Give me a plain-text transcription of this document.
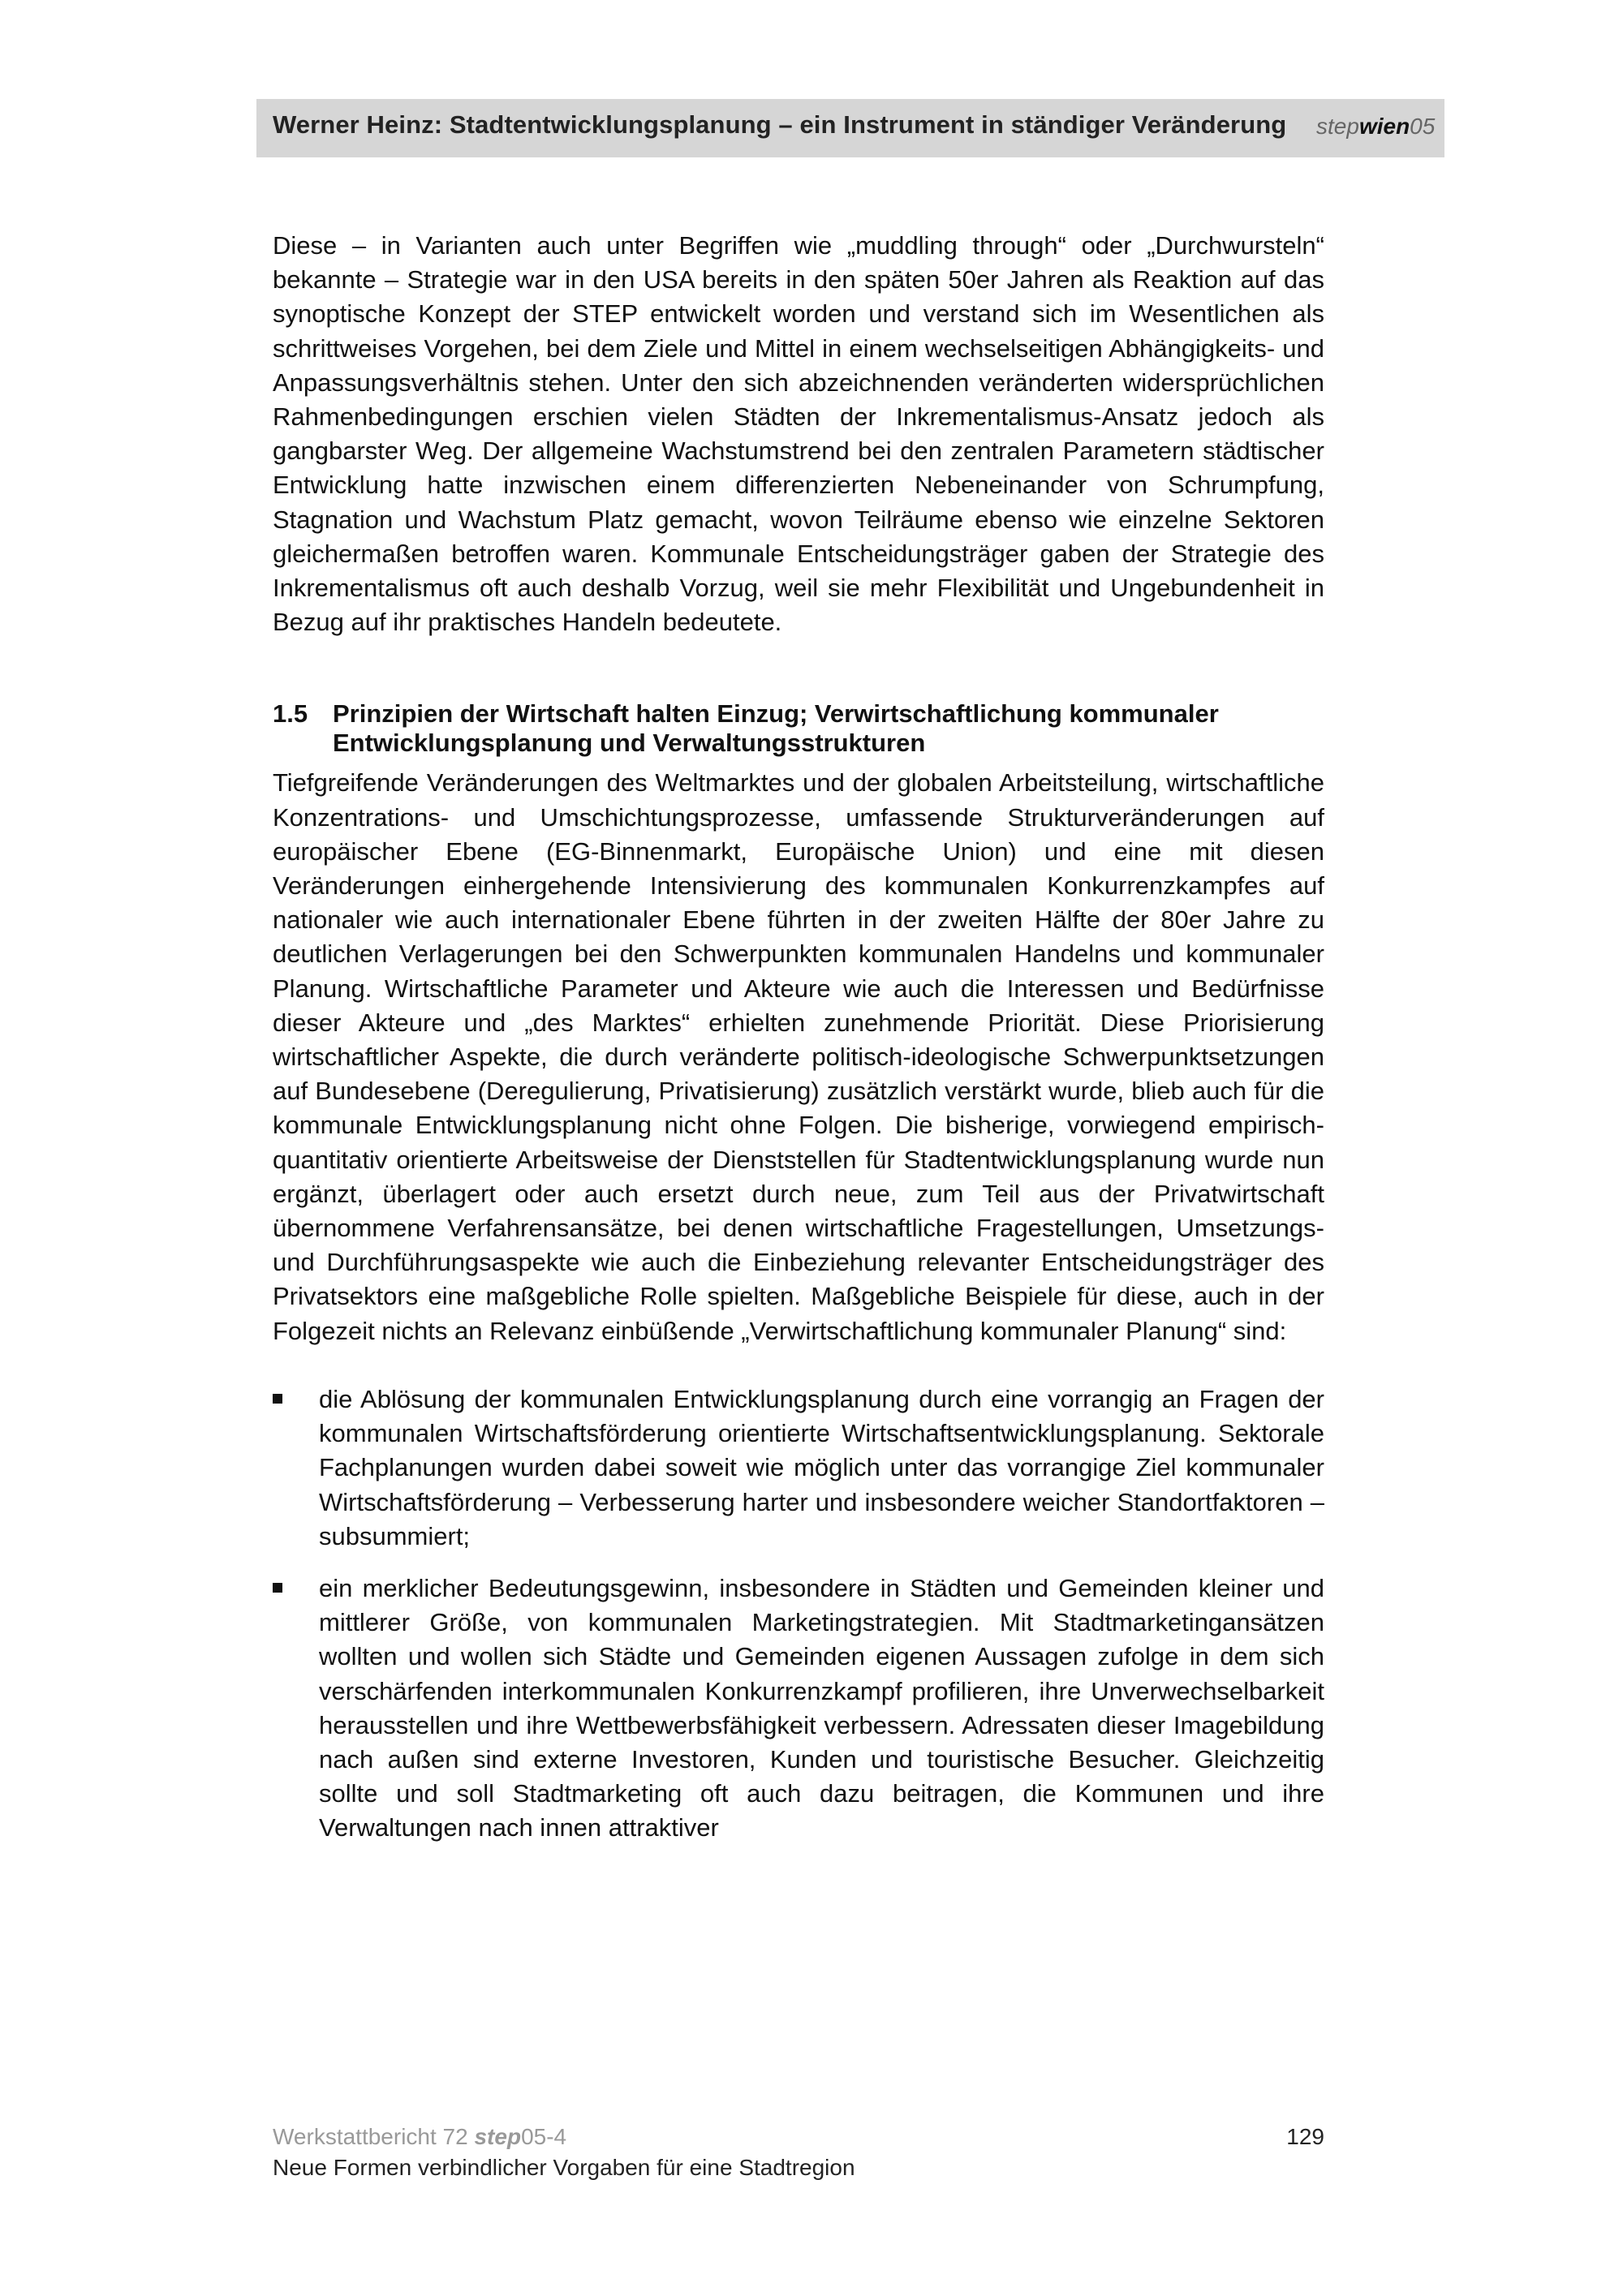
Werner Heinz: Stadtentwicklungsplanung – ein Instrument in ständiger Veränderung stepwien05

Diese – in Varianten auch unter Begriffen wie „muddling through“ oder „Durchwursteln“ bekannte – Strategie war in den USA bereits in den späten 50er Jahren als Reaktion auf das synoptische Konzept der STEP entwickelt worden und verstand sich im Wesentlichen als schrittweises Vorgehen, bei dem Ziele und Mittel in einem wechselseitigen Abhängigkeits- und Anpassungsverhältnis stehen. Unter den sich abzeichnenden veränderten widersprüchlichen Rahmenbedingungen erschien vielen Städten der Inkrementalismus-Ansatz jedoch als gangbarster Weg. Der allgemeine Wachstumstrend bei den zentralen Parametern städtischer Entwicklung hatte inzwischen einem differenzierten Nebeneinander von Schrumpfung, Stagnation und Wachstum Platz gemacht, wovon Teilräume ebenso wie einzelne Sektoren gleichermaßen betroffen waren. Kommunale Entscheidungsträger gaben der Strategie des Inkrementalismus oft auch deshalb Vorzug, weil sie mehr Flexibilität und Ungebundenheit in Bezug auf ihr praktisches Handeln bedeutete.

1.5 Prinzipien der Wirtschaft halten Einzug; Verwirtschaftlichung kommunaler Entwicklungsplanung und Verwaltungsstrukturen

Tiefgreifende Veränderungen des Weltmarktes und der globalen Arbeitsteilung, wirtschaftliche Konzentrations- und Umschichtungsprozesse, umfassende Strukturveränderungen auf europäischer Ebene (EG-Binnenmarkt, Europäische Union) und eine mit diesen Veränderungen einhergehende Intensivierung des kommunalen Konkurrenzkampfes auf nationaler wie auch internationaler Ebene führten in der zweiten Hälfte der 80er Jahre zu deutlichen Verlagerungen bei den Schwerpunkten kommunalen Handelns und kommunaler Planung. Wirtschaftliche Parameter und Akteure wie auch die Interessen und Bedürfnisse dieser Akteure und „des Marktes“ erhielten zunehmende Priorität. Diese Priorisierung wirtschaftlicher Aspekte, die durch veränderte politisch-ideologische Schwerpunktsetzungen auf Bundesebene (Deregulierung, Privatisierung) zusätzlich verstärkt wurde, blieb auch für die kommunale Entwicklungsplanung nicht ohne Folgen. Die bisherige, vorwiegend empirisch-quantitativ orientierte Arbeitsweise der Dienststellen für Stadtentwicklungsplanung wurde nun ergänzt, überlagert oder auch ersetzt durch neue, zum Teil aus der Privatwirtschaft übernommene Verfahrensansätze, bei denen wirtschaftliche Fragestellungen, Umsetzungs- und Durchführungsaspekte wie auch die Einbeziehung relevanter Entscheidungsträger des Privatsektors eine maßgebliche Rolle spielten. Maßgebliche Beispiele für diese, auch in der Folgezeit nichts an Relevanz einbüßende „Verwirtschaftlichung kommunaler Planung“ sind:

die Ablösung der kommunalen Entwicklungsplanung durch eine vorrangig an Fragen der kommunalen Wirtschaftsförderung orientierte Wirtschaftsentwicklungsplanung. Sektorale Fachplanungen wurden dabei soweit wie möglich unter das vorrangige Ziel kommunaler Wirtschaftsförderung – Verbesserung harter und insbesondere weicher Standortfaktoren – subsummiert;

ein merklicher Bedeutungsgewinn, insbesondere in Städten und Gemeinden kleiner und mittlerer Größe, von kommunalen Marketingstrategien. Mit Stadtmarketingansätzen wollten und wollen sich Städte und Gemeinden eigenen Aussagen zufolge in dem sich verschärfenden interkommunalen Konkurrenzkampf profilieren, ihre Unverwechselbarkeit herausstellen und ihre Wettbewerbsfähigkeit verbessern. Adressaten dieser Imagebildung nach außen sind externe Investoren, Kunden und touristische Besucher. Gleichzeitig sollte und soll Stadtmarketing oft auch dazu beitragen, die Kommunen und ihre Verwaltungen nach innen attraktiver

Werkstattbericht 72 step05-4	129
Neue Formen verbindlicher Vorgaben für eine Stadtregion
